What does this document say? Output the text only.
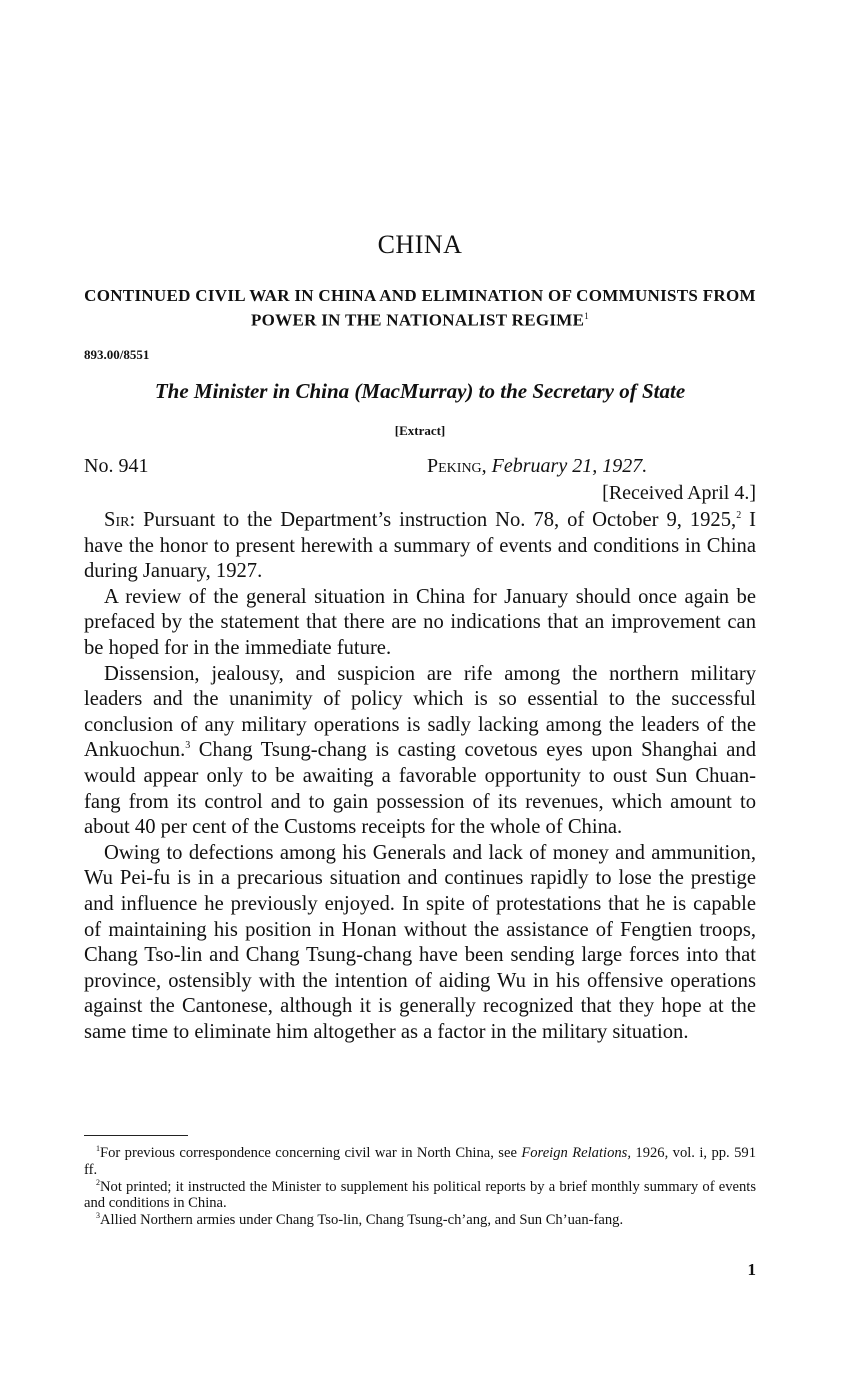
CHINA
CONTINUED CIVIL WAR IN CHINA AND ELIMINATION OF COMMUNISTS FROM POWER IN THE NATIONALIST REGIME$^1$
893.00/8551
The Minister in China (MacMurray) to the Secretary of State
[Extract]
No. 941	Peking, February 21, 1927.
[Received April 4.]

Sir: Pursuant to the Department’s instruction No. 78, of October 9, 1925,$^2$ I have the honor to present herewith a summary of events and conditions in China during January, 1927.

A review of the general situation in China for January should once again be prefaced by the statement that there are no indications that an improvement can be hoped for in the immediate future.

Dissension, jealousy, and suspicion are rife among the northern military leaders and the unanimity of policy which is so essential to the successful conclusion of any military operations is sadly lacking among the leaders of the Ankuochun.$^3$ Chang Tsung-chang is casting covetous eyes upon Shanghai and would appear only to be awaiting a favorable opportunity to oust Sun Chuan-fang from its control and to gain possession of its revenues, which amount to about 40 per cent of the Customs receipts for the whole of China.

Owing to defections among his Generals and lack of money and ammunition, Wu Pei-fu is in a precarious situation and continues rapidly to lose the prestige and influence he previously enjoyed. In spite of protestations that he is capable of maintaining his position in Honan without the assistance of Fengtien troops, Chang Tso-lin and Chang Tsung-chang have been sending large forces into that province, ostensibly with the intention of aiding Wu in his offensive operations against the Cantonese, although it is generally recognized that they hope at the same time to eliminate him altogether as a factor in the military situation.

$^1$For previous correspondence concerning civil war in North China, see Foreign Relations, 1926, vol. i, pp. 591 ff.

$^2$Not printed; it instructed the Minister to supplement his political reports by a brief monthly summary of events and conditions in China.

$^3$Allied Northern armies under Chang Tso-lin, Chang Tsung-ch’ang, and Sun Ch’uan-fang.

1
